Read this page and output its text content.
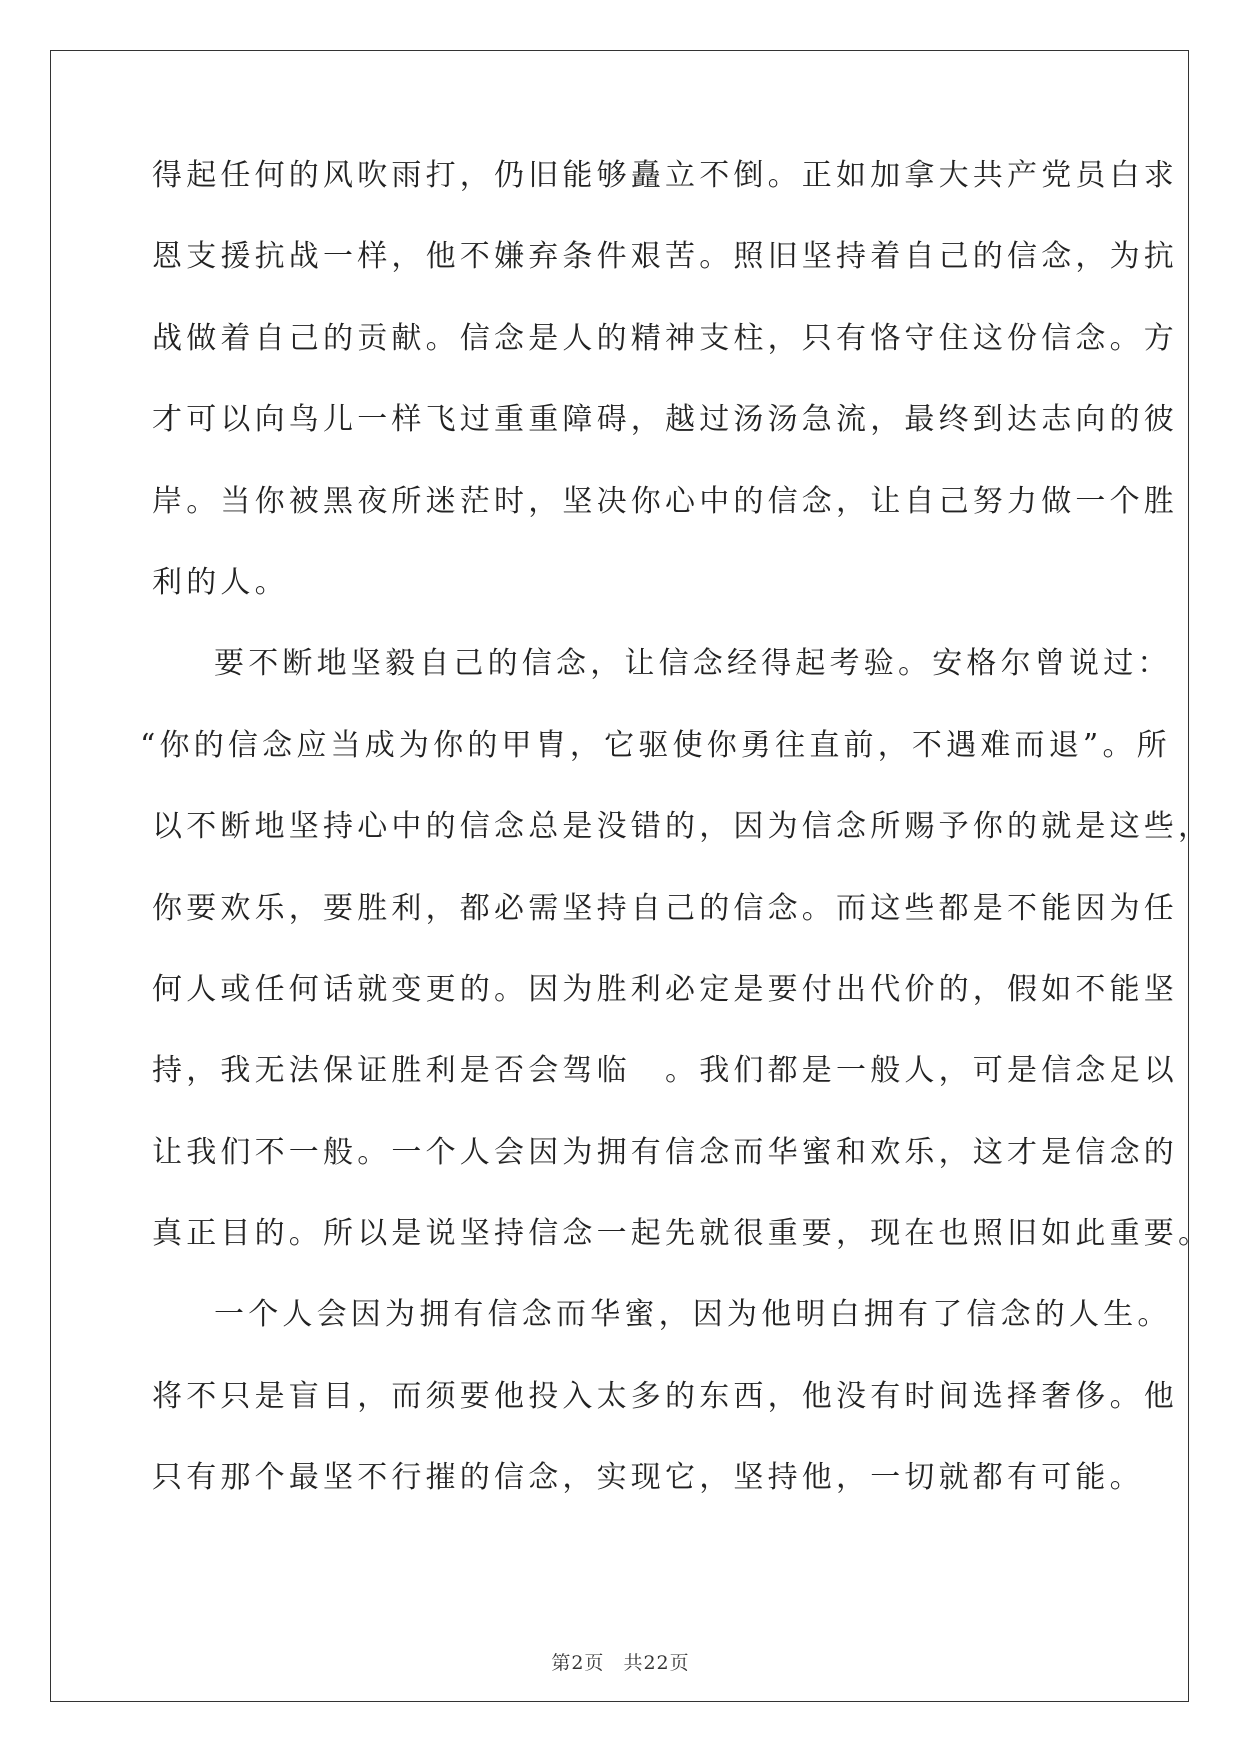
得起任何的风吹雨打，仍旧能够矗立不倒。正如加拿大共产党员白求
恩支援抗战一样，他不嫌弃条件艰苦。照旧坚持着自己的信念，为抗
战做着自己的贡献。信念是人的精神支柱，只有恪守住这份信念。方
才可以向鸟儿一样飞过重重障碍，越过汤汤急流，最终到达志向的彼
岸。当你被黑夜所迷茫时，坚决你心中的信念，让自己努力做一个胜
利的人。
要不断地坚毅自己的信念，让信念经得起考验。安格尔曾说过：
“你的信念应当成为你的甲胄，它驱使你勇往直前，不遇难而退”。所
以不断地坚持心中的信念总是没错的，因为信念所赐予你的就是这些，
你要欢乐，要胜利，都必需坚持自己的信念。而这些都是不能因为任
何人或任何话就变更的。因为胜利必定是要付出代价的，假如不能坚
持，我无法保证胜利是否会驾临　。我们都是一般人，可是信念足以
让我们不一般。一个人会因为拥有信念而华蜜和欢乐，这才是信念的
真正目的。所以是说坚持信念一起先就很重要，现在也照旧如此重要。
一个人会因为拥有信念而华蜜，因为他明白拥有了信念的人生。
将不只是盲目，而须要他投入太多的东西，他没有时间选择奢侈。他
只有那个最坚不行摧的信念，实现它，坚持他，一切就都有可能。
第2页 共22页
